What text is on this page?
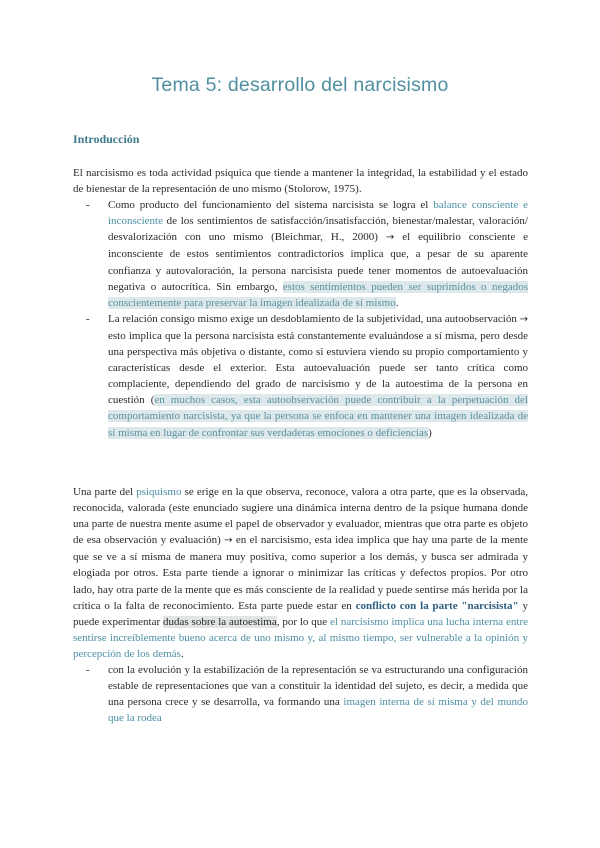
Tema 5: desarrollo del narcisismo
Introducción
El narcisismo es toda actividad psíquica que tiende a mantener la integridad, la estabilidad y el estado de bienestar de la representación de uno mismo (Stolorow, 1975).
- Como producto del funcionamiento del sistema narcisista se logra el balance consciente e inconsciente de los sentimientos de satisfacción/insatisfacción, bienestar/malestar, valoración/ desvalorización con uno mismo (Bleichmar, H., 2000) → el equilibrio consciente e inconsciente de estos sentimientos contradictorios implica que, a pesar de su aparente confianza y autovaloración, la persona narcisista puede tener momentos de autoevaluación negativa o autocrítica. Sin embargo, estos sentimientos pueden ser suprimidos o negados conscientemente para preservar la imagen idealizada de sí mismo.
- La relación consigo mismo exige un desdoblamiento de la subjetividad, una autoobservación → esto implica que la persona narcisista está constantemente evaluándose a sí misma, pero desde una perspectiva más objetiva o distante, como si estuviera viendo su propio comportamiento y características desde el exterior. Esta autoevaluación puede ser tanto crítica como complaciente, dependiendo del grado de narcisismo y de la autoestima de la persona en cuestión (en muchos casos, esta autoobservación puede contribuir a la perpetuación del comportamiento narcisista, ya que la persona se enfoca en mantener una imagen idealizada de sí misma en lugar de confrontar sus verdaderas emociones o deficiencias)
Una parte del psiquismo se erige en la que observa, reconoce, valora a otra parte, que es la observada, reconocida, valorada (este enunciado sugiere una dinámica interna dentro de la psique humana donde una parte de nuestra mente asume el papel de observador y evaluador, mientras que otra parte es objeto de esa observación y evaluación) → en el narcisismo, esta idea implica que hay una parte de la mente que se ve a sí misma de manera muy positiva, como superior a los demás, y busca ser admirada y elogiada por otros. Esta parte tiende a ignorar o minimizar las críticas y defectos propios. Por otro lado, hay otra parte de la mente que es más consciente de la realidad y puede sentirse más herida por la crítica o la falta de reconocimiento. Esta parte puede estar en conflicto con la parte "narcisista" y puede experimentar dudas sobre la autoestima, por lo que el narcisismo implica una lucha interna entre sentirse increíblemente bueno acerca de uno mismo y, al mismo tiempo, ser vulnerable a la opinión y percepción de los demás.
- con la evolución y la estabilización de la representación se va estructurando una configuración estable de representaciones que van a constituir la identidad del sujeto, es decir, a medida que una persona crece y se desarrolla, va formando una imagen interna de sí misma y del mundo que la rodea
